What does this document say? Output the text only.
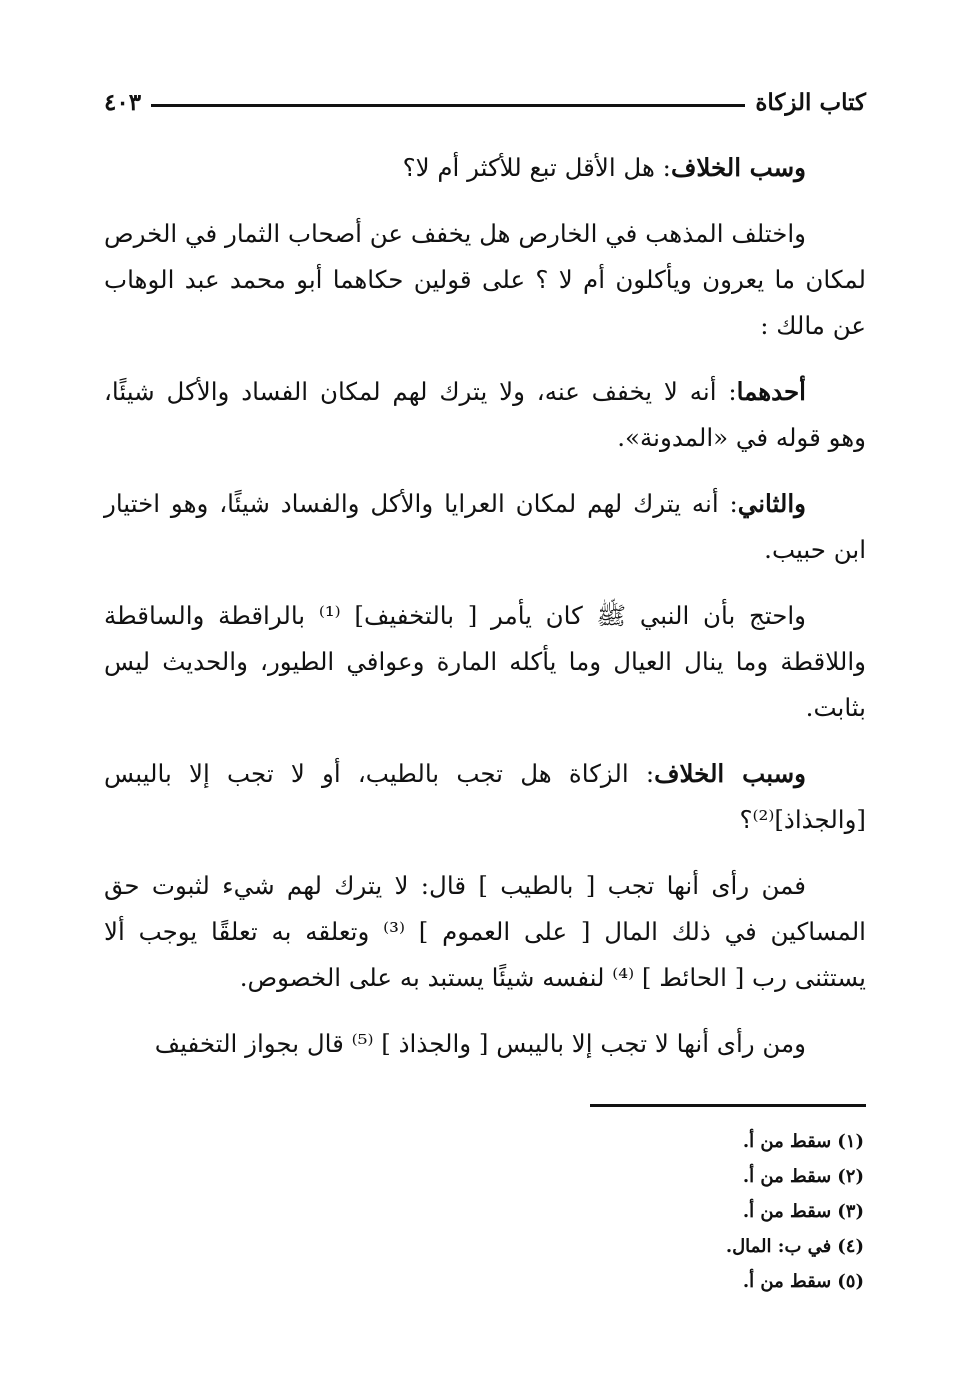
كتاب الزكاة
٤٠٣

وسب الخلاف: هل الأقل تبع للأكثر أم لا؟

واختلف المذهب في الخارص هل يخفف عن أصحاب الثمار في الخرص لمكان ما يعرون ويأكلون أم لا ؟ على قولين حكاهما أبو محمد عبد الوهاب عن مالك :

أحدهما: أنه لا يخفف عنه، ولا يترك لهم لمكان الفساد والأكل شيئًا، وهو قوله في «المدونة».

والثاني: أنه يترك لهم لمكان العرايا والأكل والفساد شيئًا، وهو اختيار ابن حبيب.

واحتج بأن النبي ﷺ كان يأمر [ بالتخفيف] ⁽¹⁾ بالراقطة والساقطة واللاقطة وما ينال العيال وما يأكله المارة وعوافي الطيور، والحديث ليس بثابت.

وسبب الخلاف: الزكاة هل تجب بالطيب، أو لا تجب إلا باليبس [والجذاذ]⁽²⁾؟

فمن رأى أنها تجب [ بالطيب ] قال: لا يترك لهم شيء لثبوت حق المساكين في ذلك المال [ على العموم ] ⁽³⁾ وتعلقه به تعلقًا يوجب ألا يستثنى رب [ الحائط ] ⁽⁴⁾ لنفسه شيئًا يستبد به على الخصوص.

ومن رأى أنها لا تجب إلا باليبس [ والجذاذ ] ⁽⁵⁾ قال بجواز التخفيف

(١)سقط من أ.
(٢)سقط من أ.
(٣)سقط من أ.
(٤)في ب: المال.
(٥)سقط من أ.
